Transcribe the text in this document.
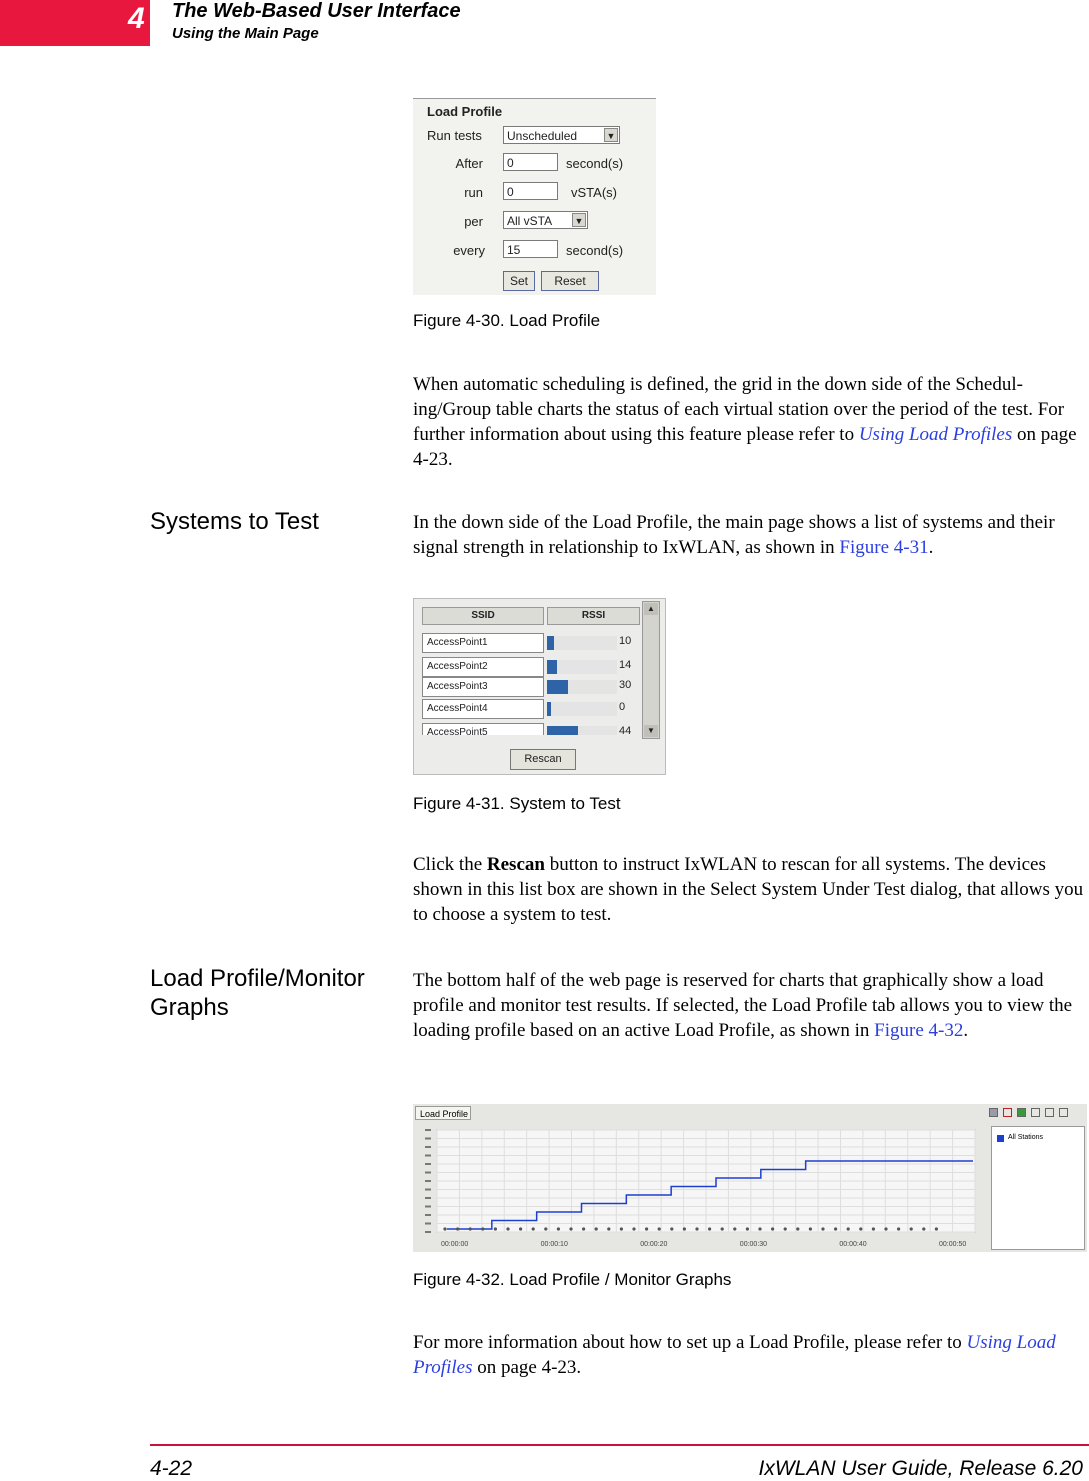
4 The Web-Based User Interface
Using the Main Page
Load Profile
Run tests	Unscheduled	▼
After	0	second(s)
run	0	vSTA(s)
per	All vSTA ▼
every	15	second(s)
Set	Reset
Figure 4-30. Load Profile
When automatic scheduling is defined, the grid in the down side of the Schedul-ing/Group table charts the status of each virtual station over the period of the test. For further information about using this feature please refer to Using Load Profiles on page 4-23.
Systems to Test	In the down side of the Load Profile, the main page shows a list of systems and their signal strength in relationship to IxWLAN, as shown in Figure 4-31.
SSID	RSSI
AccessPoint1	10
AccessPoint2	14
AccessPoint3	30
AccessPoint4	0
AccessPoint5	44
▲
▼
Rescan
Figure 4-31. System to Test
Click the Rescan button to instruct IxWLAN to rescan for all systems. The devices shown in this list box are shown in the Select System Under Test dialog, that allows you to choose a system to test.
Load Profile/Monitor Graphs
The bottom half of the web page is reserved for charts that graphically show a load profile and monitor test results. If selected, the Load Profile tab allows you to view the loading profile based on an active Load Profile, as shown in Figure 4-32.
Load Profile
00:00:00	00:00:10	00:00:20	00:00:30	00:00:40	00:00:50
All Stations
Figure 4-32. Load Profile / Monitor Graphs
For more information about how to set up a Load Profile, please refer to Using Load Profiles on page 4-23.
4-22	IxWLAN User Guide, Release 6.20
